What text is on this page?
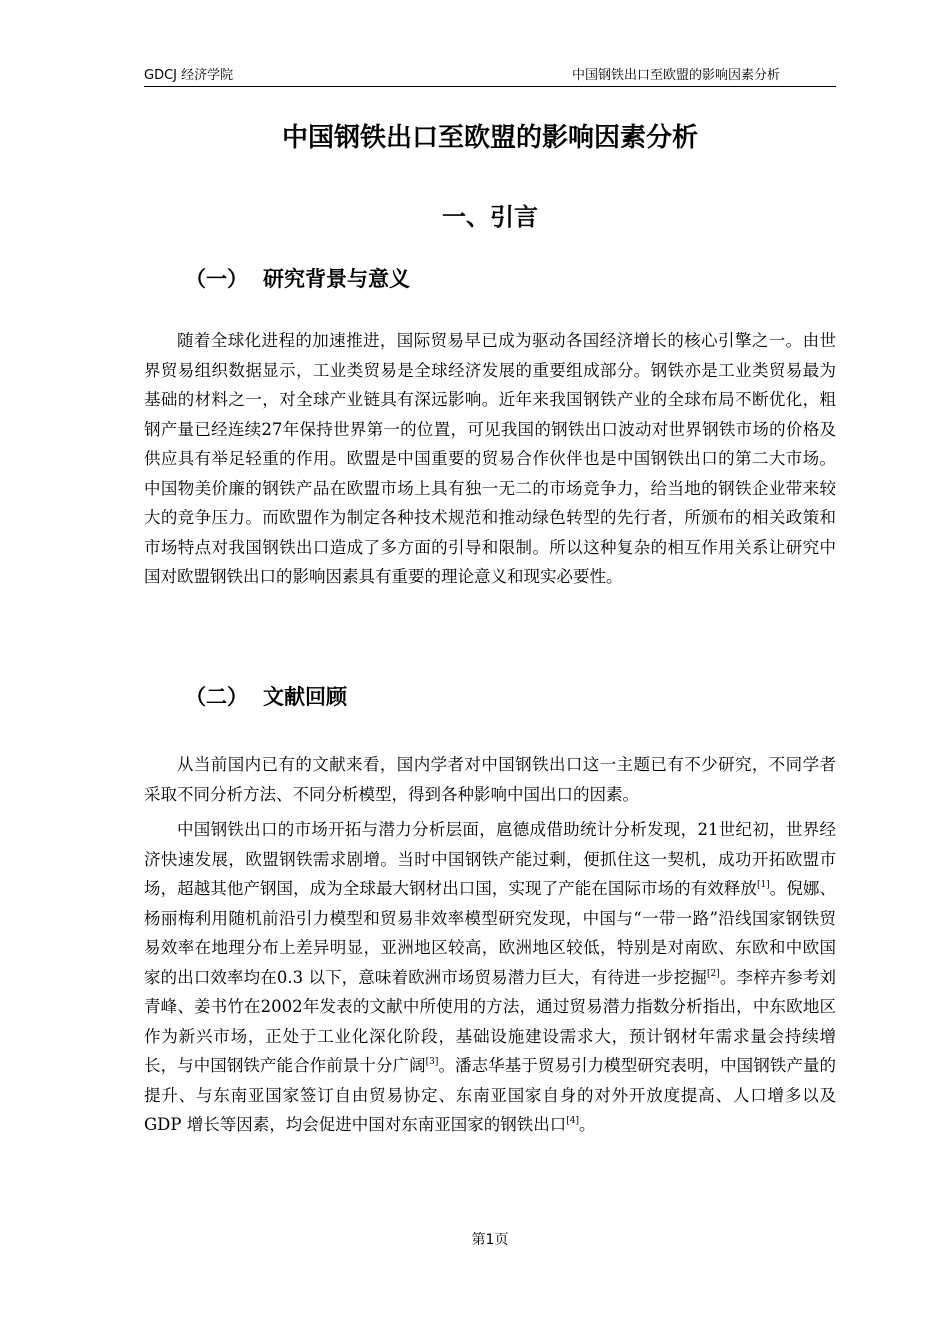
GDCJ 经济学院	中国钢铁出口至欧盟的影响因素分析
中国钢铁出口至欧盟的影响因素分析
一、引言
（一） 研究背景与意义

随着全球化进程的加速推进，国际贸易早已成为驱动各国经济增长的核心引擎之一。由世界贸易组织数据显示，工业类贸易是全球经济发展的重要组成部分。钢铁亦是工业类贸易最为基础的材料之一，对全球产业链具有深远影响。近年来我国钢铁产业的全球布局不断优化，粗钢产量已经连续27年保持世界第一的位置，可见我国的钢铁出口波动对世界钢铁市场的价格及供应具有举足轻重的作用。欧盟是中国重要的贸易合作伙伴也是中国钢铁出口的第二大市场。中国物美价廉的钢铁产品在欧盟市场上具有独一无二的市场竞争力，给当地的钢铁企业带来较大的竞争压力。而欧盟作为制定各种技术规范和推动绿色转型的先行者，所颁布的相关政策和市场特点对我国钢铁出口造成了多方面的引导和限制。所以这种复杂的相互作用关系让研究中国对欧盟钢铁出口的影响因素具有重要的理论意义和现实必要性。

（二） 文献回顾

从当前国内已有的文献来看，国内学者对中国钢铁出口这一主题已有不少研究，不同学者采取不同分析方法、不同分析模型，得到各种影响中国出口的因素。

中国钢铁出口的市场开拓与潜力分析层面，扈德成借助统计分析发现，21世纪初，世界经济快速发展，欧盟钢铁需求剧增。当时中国钢铁产能过剩，便抓住这一契机，成功开拓欧盟市场，超越其他产钢国，成为全球最大钢材出口国，实现了产能在国际市场的有效释放[1]。倪娜、杨丽梅利用随机前沿引力模型和贸易非效率模型研究发现，中国与“一带一路”沿线国家钢铁贸易效率在地理分布上差异明显，亚洲地区较高，欧洲地区较低，特别是对南欧、东欧和中欧国家的出口效率均在0.3 以下，意味着欧洲市场贸易潜力巨大，有待进一步挖掘[2]。李梓卉参考刘青峰、姜书竹在2002年发表的文献中所使用的方法，通过贸易潜力指数分析指出，中东欧地区作为新兴市场，正处于工业化深化阶段，基础设施建设需求大，预计钢材年需求量会持续增长，与中国钢铁产能合作前景十分广阔[3]。潘志华基于贸易引力模型研究表明，中国钢铁产量的提升、与东南亚国家签订自由贸易协定、东南亚国家自身的对外开放度提高、人口增多以及 GDP 增长等因素，均会促进中国对东南亚国家的钢铁出口[4]。

第1页
